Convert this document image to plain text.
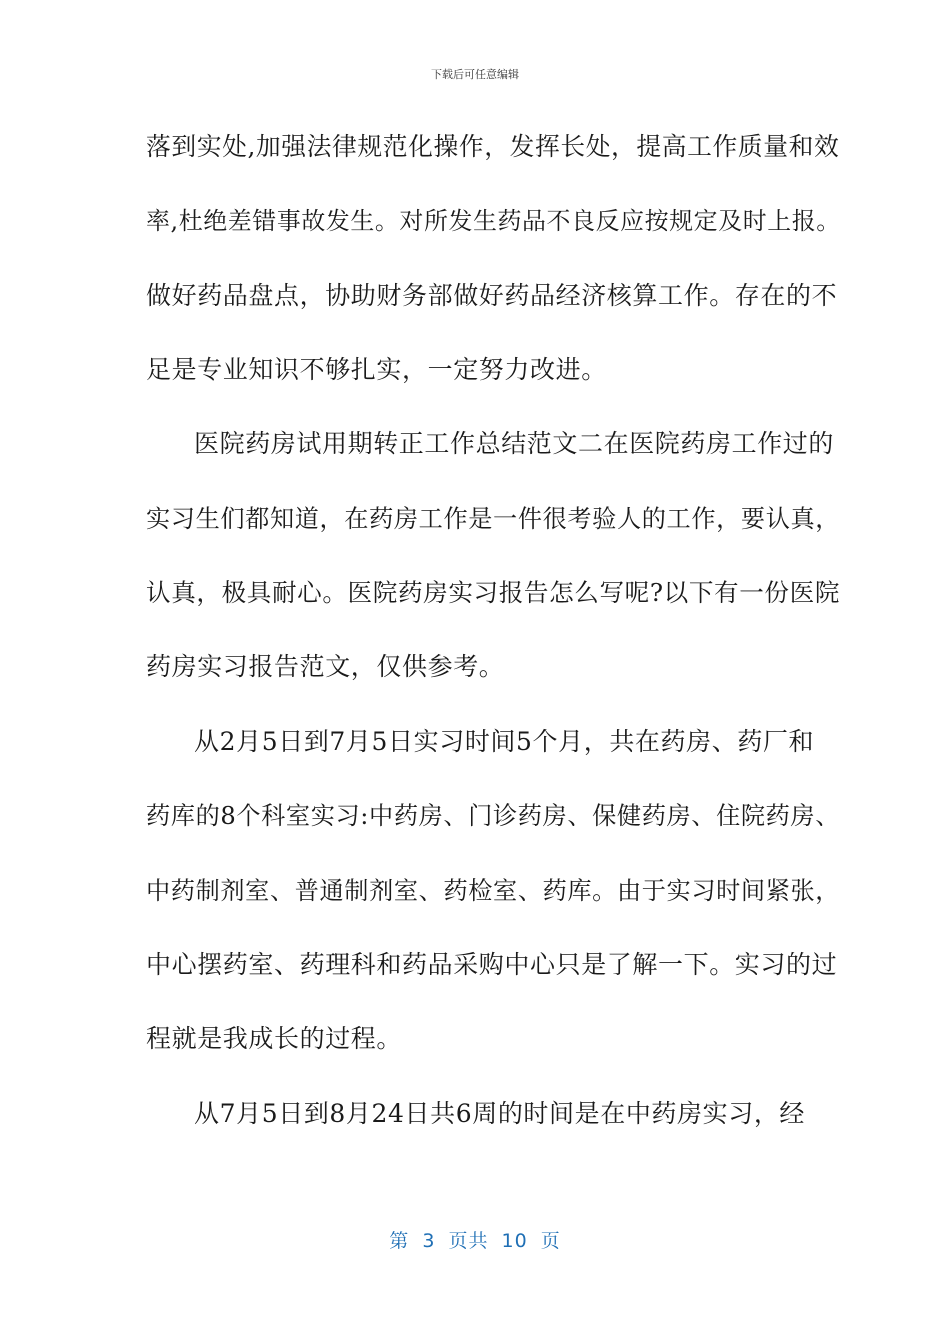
下载后可任意编辑
落到实处,加强法律规范化操作，发挥长处，提高工作质量和效
率,杜绝差错事故发生。对所发生药品不良反应按规定及时上报。
做好药品盘点，协助财务部做好药品经济核算工作。存在的不
足是专业知识不够扎实，一定努力改进。
医院药房试用期转正工作总结范文二在医院药房工作过的
实习生们都知道，在药房工作是一件很考验人的工作，要认真，
认真，极具耐心。医院药房实习报告怎么写呢?以下有一份医院
药房实习报告范文，仅供参考。
从2月5日到7月5日实习时间5个月，共在药房、药厂和
药库的8个科室实习:中药房、门诊药房、保健药房、住院药房、
中药制剂室、普通制剂室、药检室、药库。由于实习时间紧张，
中心摆药室、药理科和药品采购中心只是了解一下。实习的过
程就是我成长的过程。
从7月5日到8月24日共6周的时间是在中药房实习，经
第 3 页共 10 页
